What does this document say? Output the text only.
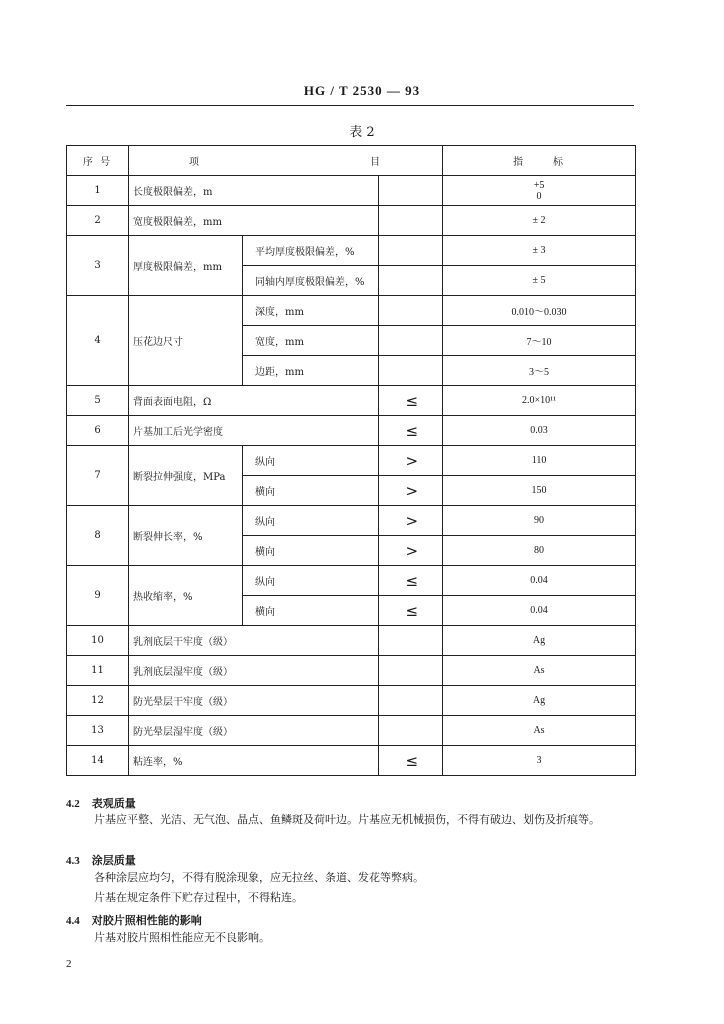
HG / T 2530 — 93
表 2
序 号	项 目			指 标

1	长度极限偏差，m			+5
0

2	宽度极限偏差，mm			± 2
3	厚度极限偏差，mm	平均厚度极限偏差，%		± 3
		同轴内厚度极限偏差，%		± 5
4	压花边尺寸	深度，mm		0.010～0.030
		宽度，mm		7～10
		边距，mm		3～5
5	背面表面电阻，Ω		≤	2.0×10¹¹
6	片基加工后光学密度		≤	0.03
7	断裂拉伸强度，MPa	纵向	>	110
		横向	>	150
8	断裂伸长率，%	纵向	>	90
		横向	>	80
9	热收缩率，%	纵向	≤	0.04
		横向	≤	0.04
10	乳剂底层干牢度（级）			Ag
11	乳剂底层湿牢度（级）			As
12	防光晕层干牢度（级）			Ag
13	防光晕层湿牢度（级）			As
14	粘连率，%		≤	3
4.2 表观质量
片基应平整、光洁、无气泡、晶点、鱼鳞斑及荷叶边。片基应无机械损伤，不得有破边、划伤及折痕等。
4.3 涂层质量
各种涂层应均匀，不得有脱涂现象，应无拉丝、条道、发花等弊病。
片基在规定条件下贮存过程中，不得粘连。
4.4 对胶片照相性能的影响
片基对胶片照相性能应无不良影响。
2
